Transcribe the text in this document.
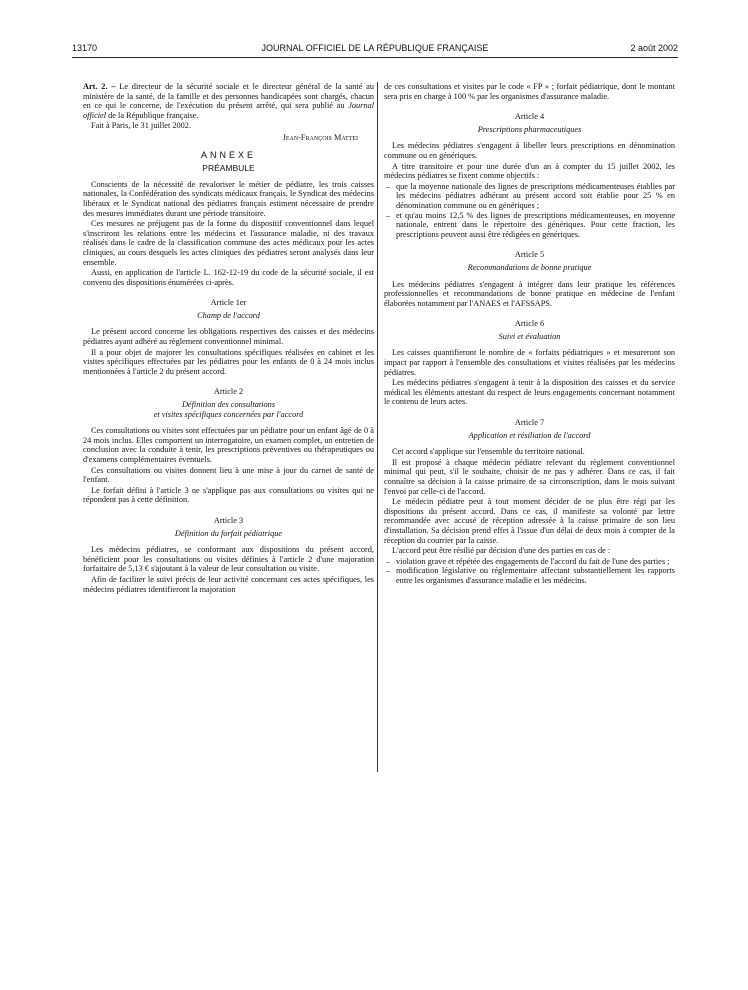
13170	JOURNAL OFFICIEL DE LA RÉPUBLIQUE FRANÇAISE	2 août 2002

Art. 2. – Le directeur de la sécurité sociale et le directeur général de la santé au ministère de la santé, de la famille et des personnes handicapées sont chargés, chacun en ce qui le concerne, de l'exécution du présent arrêté, qui sera publié au Journal officiel de la République française.

Fait à Paris, le 31 juillet 2002.

Jean-François Mattei
ANNEXE
PRÉAMBULE

Conscients de la nécessité de revaloriser le métier de pédiatre, les trois caisses nationales, la Confédération des syndicats médicaux français, le Syndicat des médecins libéraux et le Syndicat national des pédiatres français estiment nécessaire de prendre des mesures immédiates durant une période transitoire.

Ces mesures ne préjugent pas de la forme du dispositif conventionnel dans lequel s'inscriront les relations entre les médecins et l'assurance maladie, ni des travaux réalisés dans le cadre de la classification commune des actes médicaux pour les actes cliniques, au cours desquels les actes cliniques des pédiatres seront analysés dans leur ensemble.

Aussi, en application de l'article L. 162-12-19 du code de la sécurité sociale, il est convenu des dispositions énumérées ci-après.

Article 1er
Champ de l'accord

Le présent accord concerne les obligations respectives des caisses et des médecins pédiatres ayant adhéré au règlement conventionnel minimal.

Il a pour objet de majorer les consultations spécifiques réalisées en cabinet et les visites spécifiques effectuées par les pédiatres pour les enfants de 0 à 24 mois inclus mentionnées à l'article 2 du présent accord.

Article 2
Définition des consultations
et visites spécifiques concernées par l'accord

Ces consultations ou visites sont effectuées par un pédiatre pour un enfant âgé de 0 à 24 mois inclus. Elles comportent un interrogatoire, un examen complet, un entretien de conclusion avec la conduite à tenir, les prescriptions préventives ou thérapeutiques ou d'examens complémentaires éventuels.

Ces consultations ou visites donnent lieu à une mise à jour du carnet de santé de l'enfant.

Le forfait défini à l'article 3 ne s'applique pas aux consultations ou visites qui ne répondent pas à cette définition.

Article 3
Définition du forfait pédiatrique

Les médecins pédiatres, se conformant aux dispositions du présent accord, bénéficient pour les consultations ou visites définies à l'article 2 d'une majoration forfaitaire de 5,13 € s'ajoutant à la valeur de leur consultation ou visite.

Afin de faciliter le suivi précis de leur activité concernant ces actes spécifiques, les médecins pédiatres identifieront la majoration

de ces consultations et visites par le code « FP » ; forfait pédiatrique, dont le montant sera pris en charge à 100 % par les organismes d'assurance maladie.

Article 4
Prescriptions pharmaceutiques

Les médecins pédiatres s'engagent à libeller leurs prescriptions en dénomination commune ou en génériques.

A titre transitoire et pour une durée d'un an à compter du 15 juillet 2002, les médecins pédiatres se fixent comme objectifs :

– que la moyenne nationale des lignes de prescriptions médicamenteuses établies par les médecins pédiatres adhérant au présent accord soit établie pour 25 % en dénomination commune ou en génériques ;
– et qu'au moins 12,5 % des lignes de prescriptions médicamenteuses, en moyenne nationale, entrent dans le répertoire des génériques. Pour cette fraction, les prescriptions peuvent aussi être rédigées en génériques.
Article 5
Recommandations de bonne pratique

Les médecins pédiatres s'engagent à intégrer dans leur pratique les références professionnelles et recommandations de bonne pratique en médecine de l'enfant élaborées notamment par l'ANAES et l'AFSSAPS.

Article 6
Suivi et évaluation

Les caisses quantifieront le nombre de « forfaits pédiatriques » et mesureront son impact par rapport à l'ensemble des consultations et visites réalisées par les médecins pédiatres.

Les médecins pédiatres s'engagent à tenir à la disposition des caisses et du service médical les éléments attestant du respect de leurs engagements concernant notamment le contenu de leurs actes.

Article 7
Application et résiliation de l'accord

Cet accord s'applique sur l'ensemble du territoire national.

Il est proposé à chaque médecin pédiatre relevant du règlement conventionnel minimal qui peut, s'il le souhaite, choisir de ne pas y adhérer. Dans ce cas, il fait connaître sa décision à la caisse primaire de sa circonscription, dans le mois suivant l'envoi par celle-ci de l'accord.

Le médecin pédiatre peut à tout moment décider de ne plus être régi par les dispositions du présent accord. Dans ce cas, il manifeste sa volonté par lettre recommandée avec accusé de réception adressée à la caisse primaire de son lieu d'installation. Sa décision prend effet à l'issue d'un délai de deux mois à compter de la réception du courrier par la caisse.

L'accord peut être résilié par décision d'une des parties en cas de :

– violation grave et répétée des engagements de l'accord du fait de l'une des parties ;
– modification législative ou réglementaire affectant substantiellement les rapports entre les organismes d'assurance maladie et les médecins.
